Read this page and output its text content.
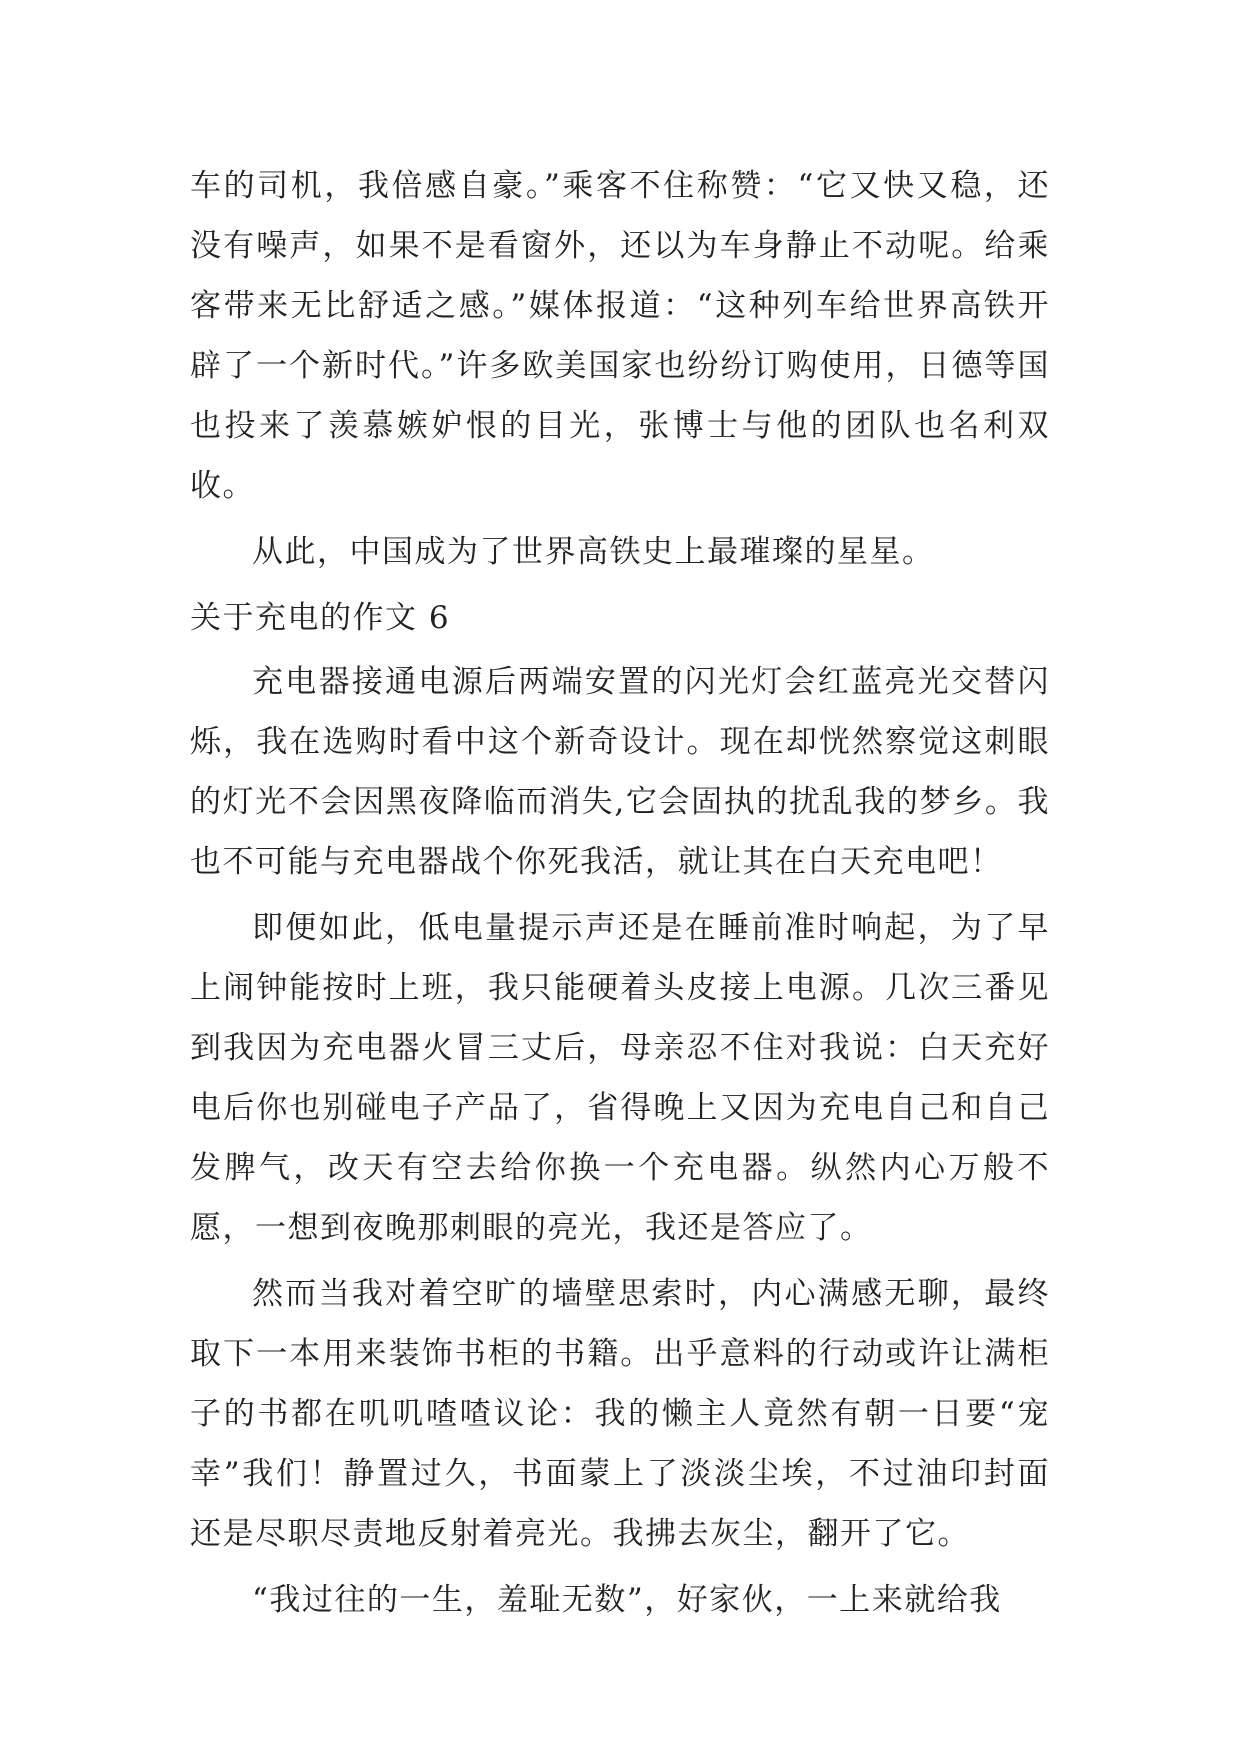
车的司机，我倍感自豪。”乘客不住称赞：“它又快又稳，还没有噪声，如果不是看窗外，还以为车身静止不动呢。给乘客带来无比舒适之感。”媒体报道：“这种列车给世界高铁开辟了一个新时代。”许多欧美国家也纷纷订购使用，日德等国也投来了羡慕嫉妒恨的目光，张博士与他的团队也名利双收。

从此，中国成为了世界高铁史上最璀璨的星星。

关于充电的作文 6

充电器接通电源后两端安置的闪光灯会红蓝亮光交替闪烁，我在选购时看中这个新奇设计。现在却恍然察觉这刺眼的灯光不会因黑夜降临而消失,它会固执的扰乱我的梦乡。我也不可能与充电器战个你死我活，就让其在白天充电吧！

即便如此，低电量提示声还是在睡前准时响起，为了早上闹钟能按时上班，我只能硬着头皮接上电源。几次三番见到我因为充电器火冒三丈后，母亲忍不住对我说：白天充好电后你也别碰电子产品了，省得晚上又因为充电自己和自己发脾气，改天有空去给你换一个充电器。纵然内心万般不愿，一想到夜晚那刺眼的亮光，我还是答应了。

然而当我对着空旷的墙壁思索时，内心满感无聊，最终取下一本用来装饰书柜的书籍。出乎意料的行动或许让满柜子的书都在叽叽喳喳议论：我的懒主人竟然有朝一日要“宠幸”我们！静置过久，书面蒙上了淡淡尘埃，不过油印封面还是尽职尽责地反射着亮光。我拂去灰尘，翻开了它。

“我过往的一生，羞耻无数”，好家伙，一上来就给我
